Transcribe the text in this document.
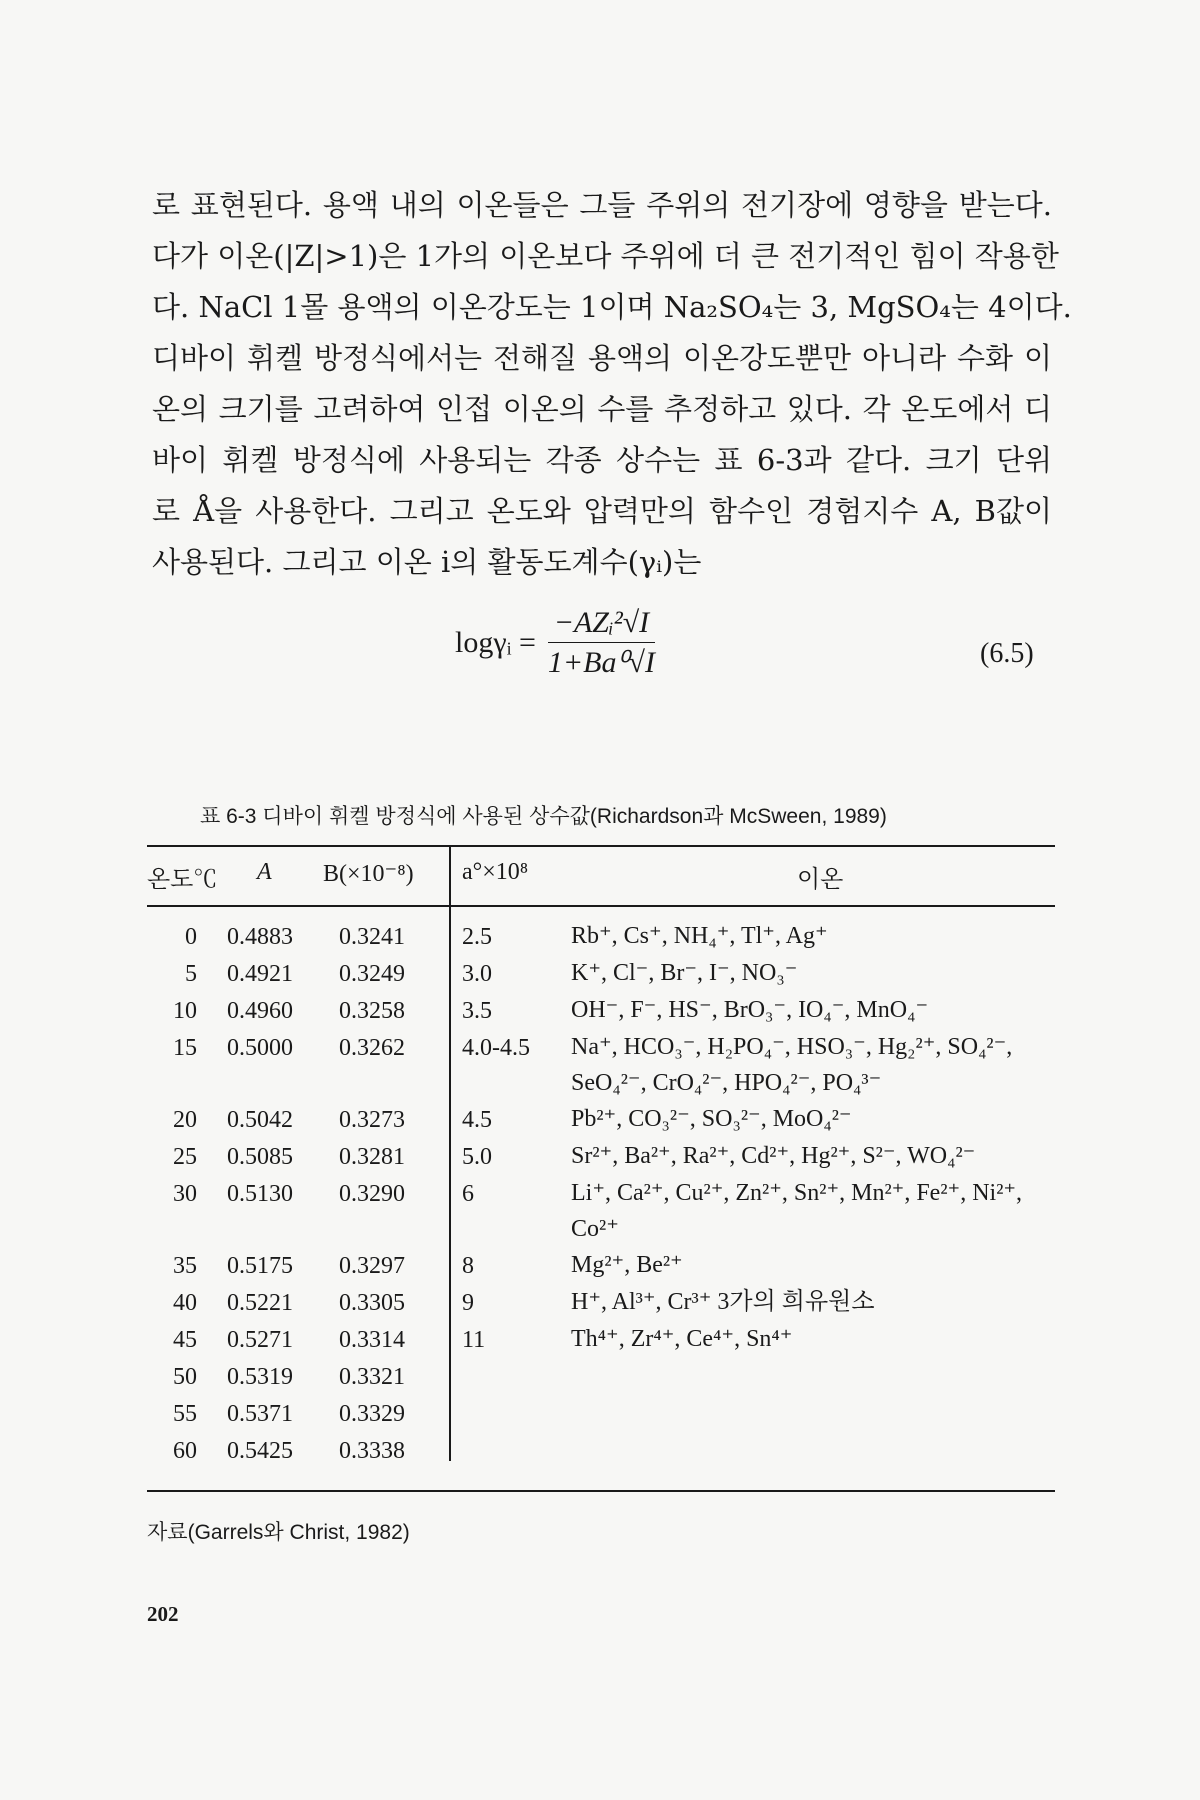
로 표현된다. 용액 내의 이온들은 그들 주위의 전기장에 영향을 받는다.
다가 이온(|Z|>1)은 1가의 이온보다 주위에 더 큰 전기적인 힘이 작용한
다. NaCl 1몰 용액의 이온강도는 1이며 Na₂SO₄는 3, MgSO₄는 4이다.
디바이 휘켈 방정식에서는 전해질 용액의 이온강도뿐만 아니라 수화 이
온의 크기를 고려하여 인접 이온의 수를 추정하고 있다. 각 온도에서 디
바이 휘켈 방정식에 사용되는 각종 상수는 표 6-3과 같다. 크기 단위
로 Å을 사용한다. 그리고 온도와 압력만의 함수인 경험지수 A, B값이
사용된다. 그리고 이온 i의 활동도계수(γᵢ)는
logγᵢ = $\frac{\text{−AZᵢ²√I}}{\text{1+Ba⁰√I}}$	(6.5)
표 6-3 디바이 휘켈 방정식에 사용된 상수값(Richardson과 McSween, 1989)
온도℃ A B(×10⁻⁸) a°×10⁸	이온
0 0.4883 0.3241 2.5	Rb⁺, Cs⁺, NH₄⁺, Tl⁺, Ag⁺
5 0.4921 0.3249 3.0	K⁺, Cl⁻, Br⁻, I⁻, NO₃⁻
10 0.4960 0.3258 3.5	OH⁻, F⁻, HS⁻, BrO₃⁻, IO₄⁻, MnO₄⁻
15 0.5000 0.3262 4.0-4.5 Na⁺, HCO₃⁻, H₂PO₄⁻, HSO₃⁻, Hg₂²⁺, SO₄²⁻, SeO₄²⁻, CrO₄²⁻, HPO₄²⁻, PO₄³⁻
20 0.5042 0.3273 4.5	Pb²⁺, CO₃²⁻, SO₃²⁻, MoO₄²⁻
25 0.5085 0.3281 5.0	Sr²⁺, Ba²⁺, Ra²⁺, Cd²⁺, Hg²⁺, S²⁻, WO₄²⁻
30 0.5130 0.3290 6	Li⁺, Ca²⁺, Cu²⁺, Zn²⁺, Sn²⁺, Mn²⁺, Fe²⁺, Ni²⁺, Co²⁺
35 0.5175 0.3297 8	Mg²⁺, Be²⁺
40 0.5221 0.3305 9	H⁺, Al³⁺, Cr³⁺ 3가의 희유원소
45 0.5271 0.3314 11	Th⁴⁺, Zr⁴⁺, Ce⁴⁺, Sn⁴⁺
50 0.5319 0.3321
55 0.5371 0.3329
60 0.5425 0.3338
자료(Garrels와 Christ, 1982)
202
